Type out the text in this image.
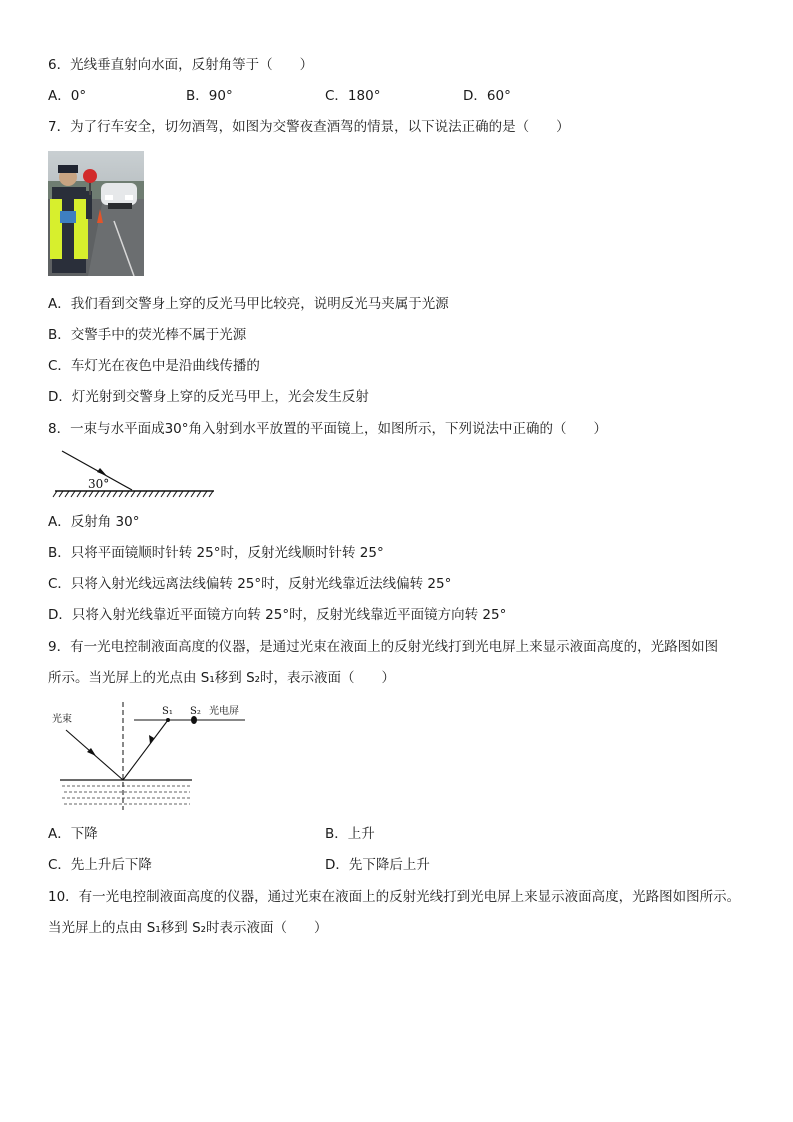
6．光线垂直射向水面，反射角等于（　　）
A．0°	B．90°	C．180°	D．60°
7．为了行车安全，切勿酒驾，如图为交警夜查酒驾的情景，以下说法正确的是（　　）
A．我们看到交警身上穿的反光马甲比较亮，说明反光马夹属于光源
B．交警手中的荧光棒不属于光源
C．车灯光在夜色中是沿曲线传播的
D．灯光射到交警身上穿的反光马甲上，光会发生反射
8．一束与水平面成30°角入射到水平放置的平面镜上，如图所示，下列说法中正确的（　　）
30°
A．反射角 30°
B．只将平面镜顺时针转 25°时，反射光线顺时针转 25°
C．只将入射光线远离法线偏转 25°时，反射光线靠近法线偏转 25°
D．只将入射光线靠近平面镜方向转 25°时，反射光线靠近平面镜方向转 25°
9．有一光电控制液面高度的仪器，是通过光束在液面上的反射光线打到光电屏上来显示液面高度的，光路图如图
所示。当光屏上的光点由 S₁移到 S₂时，表示液面（　　）
光束
S₁ S₂ 光电屏
A．下降	B．上升
C．先上升后下降	D．先下降后上升
10．有一光电控制液面高度的仪器，通过光束在液面上的反射光线打到光电屏上来显示液面高度，光路图如图所示。
当光屏上的点由 S₁移到 S₂时表示液面（　　）
